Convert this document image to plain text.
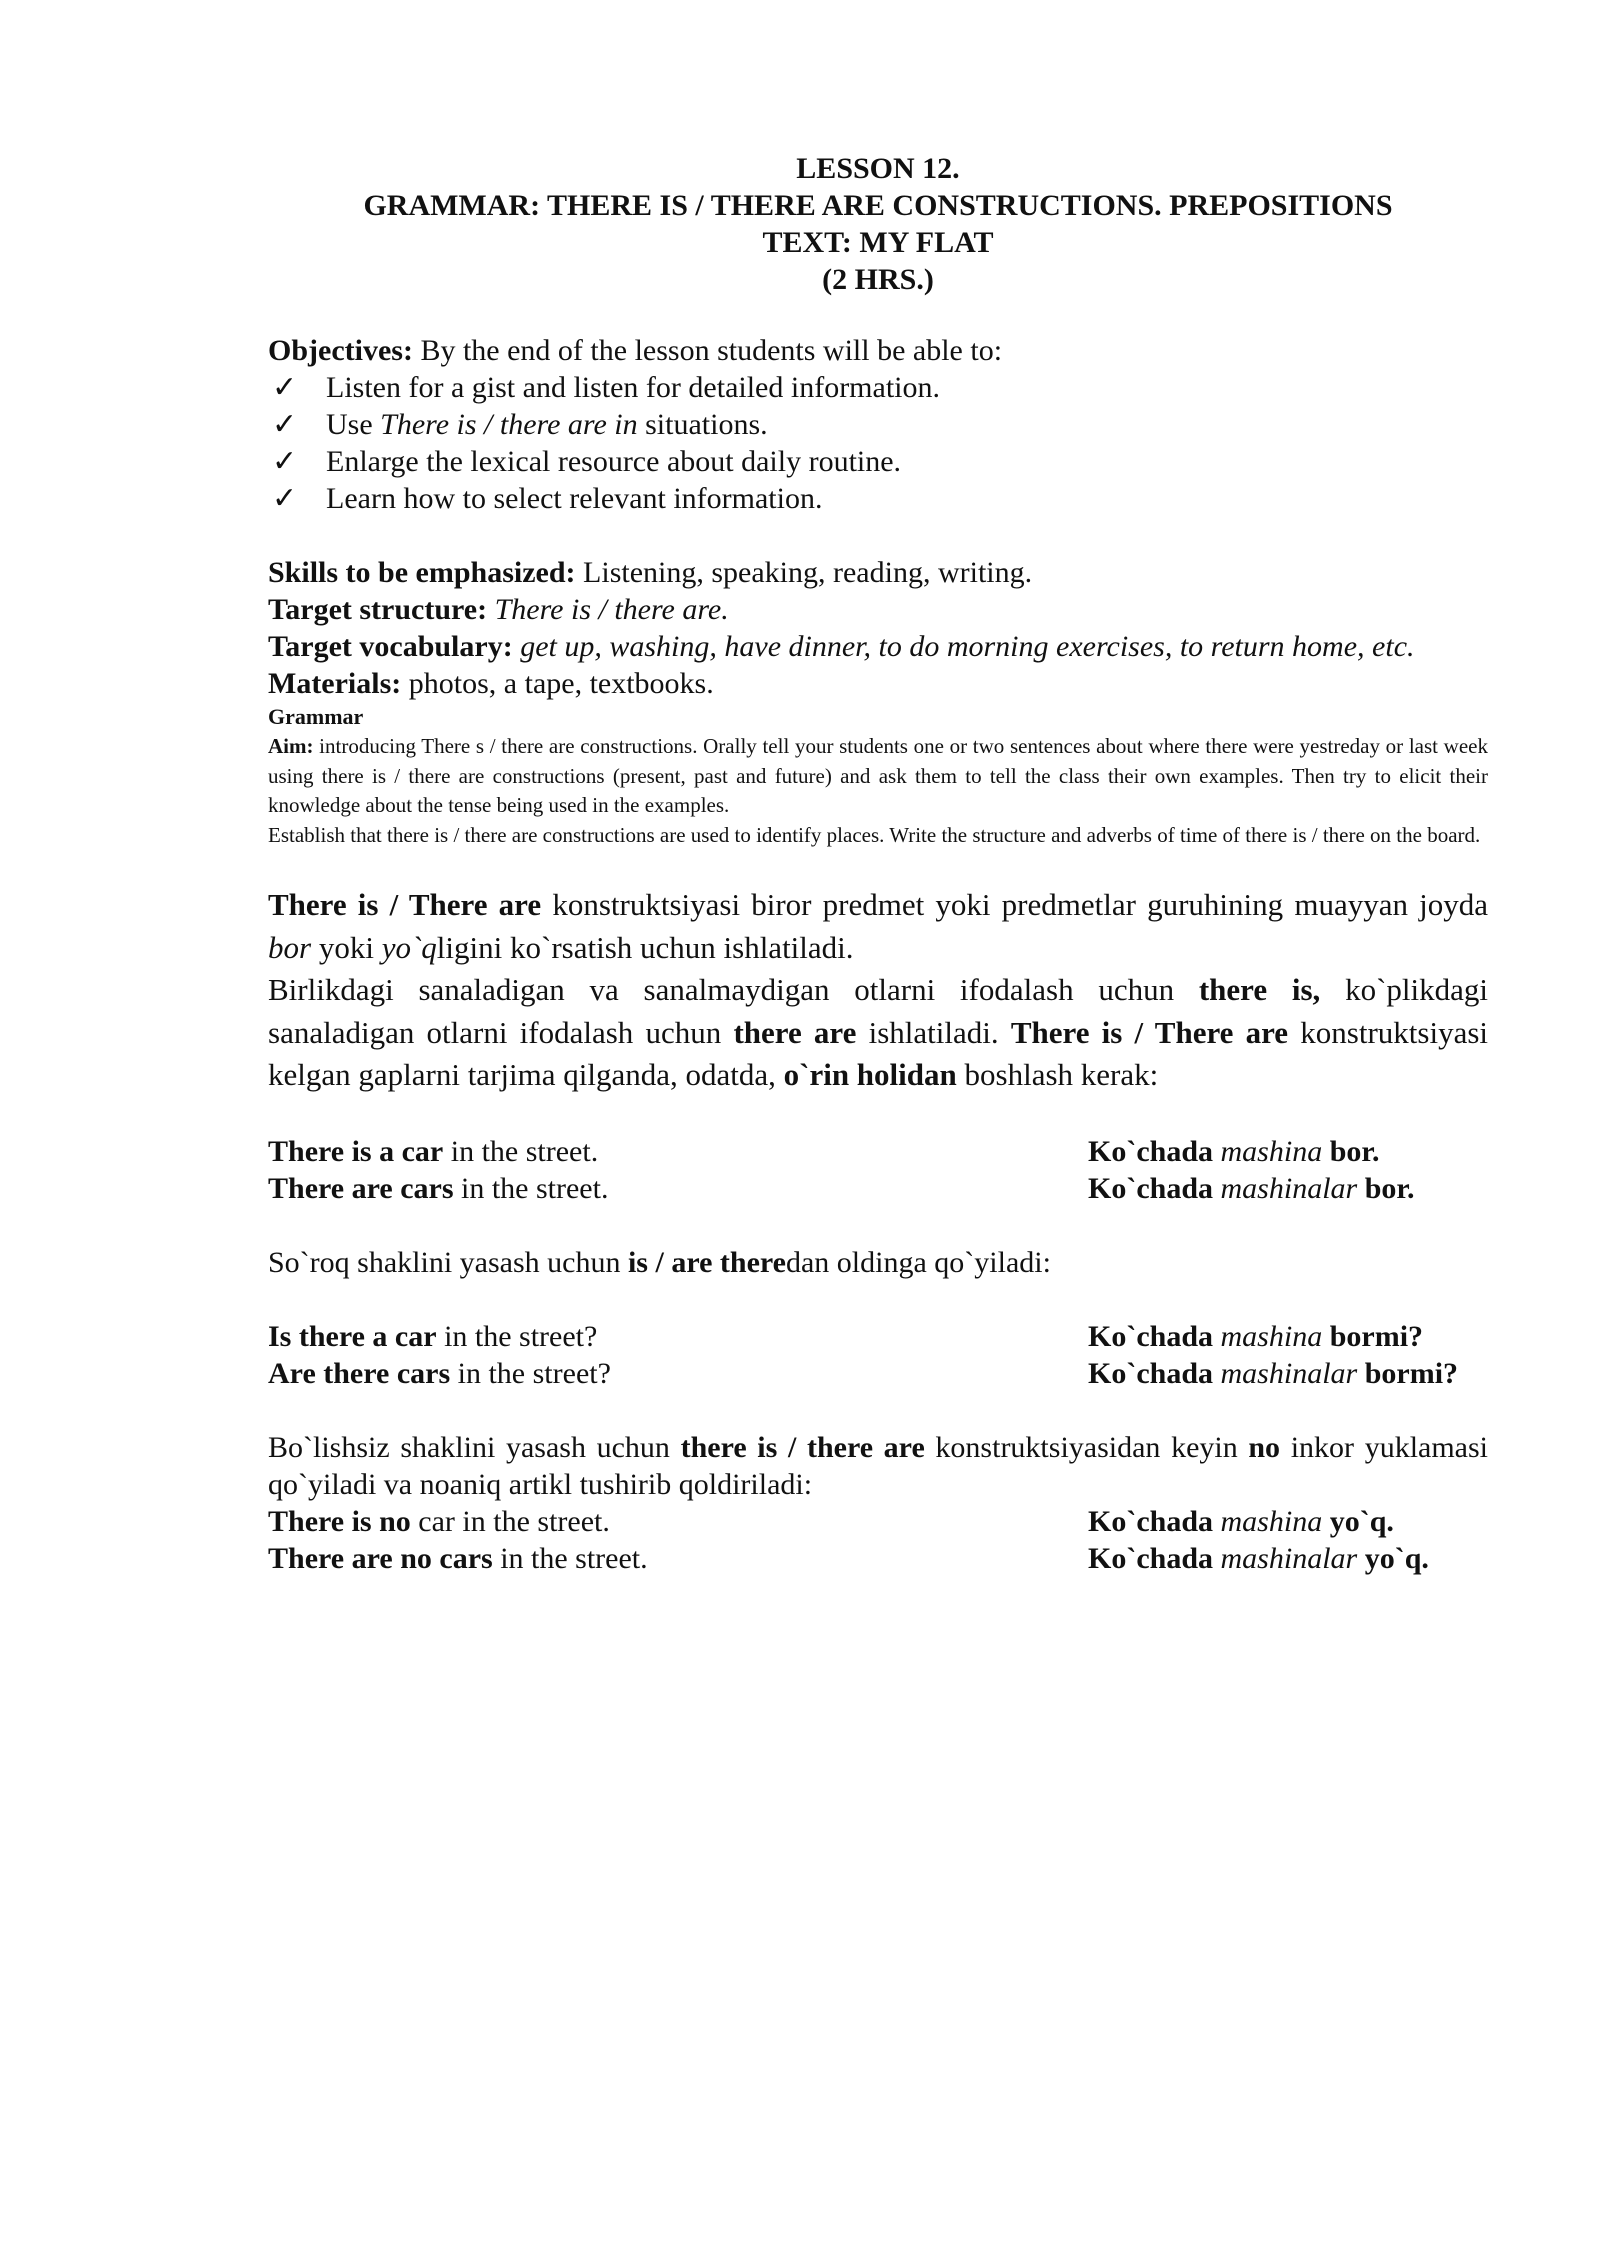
LESSON 12.
GRAMMAR: THERE IS / THERE ARE CONSTRUCTIONS. PREPOSITIONS
TEXT: MY FLAT
(2 HRS.)
Objectives: By the end of the lesson students will be able to:
✓ Listen for a gist and listen for detailed information.
✓ Use There is / there are in situations.
✓ Enlarge the lexical resource about daily routine.
✓ Learn how to select relevant information.
Skills to be emphasized: Listening, speaking, reading, writing.
Target structure: There is / there are.
Target vocabulary: get up, washing, have dinner, to do morning exercises, to return home, etc.
Materials: photos, a tape, textbooks.
Grammar
Aim: introducing There s / there are constructions. Orally tell your students one or two sentences about where there were yestreday or last week using there is / there are constructions (present, past and future) and ask them to tell the class their own examples. Then try to elicit their knowledge about the tense being used in the examples.
Establish that there is / there are constructions are used to identify places. Write the structure and adverbs of time of there is / there on the board.
There is / There are konstruktsiyasi biror predmet yoki predmetlar guruhining muayyan joyda bor yoki yo`qligini ko`rsatish uchun ishlatiladi.
Birlikdagi sanaladigan va sanalmaydigan otlarni ifodalash uchun there is, ko`plikdagi sanaladigan otlarni ifodalash uchun there are ishlatiladi. There is / There are konstruktsiyasi kelgan gaplarni tarjima qilganda, odatda, o`rin holidan boshlash kerak:
There is a car in the street.	Ko`chada mashina bor.
There are cars in the street.	Ko`chada mashinalar bor.
So`roq shaklini yasash uchun is / are theredan oldinga qo`yiladi:
Is there a car in the street?	Ko`chada mashina bormi?
Are there cars in the street?	Ko`chada mashinalar bormi?
Bo`lishsiz shaklini yasash uchun there is / there are konstruktsiyasidan keyin no inkor yuklamasi qo`yiladi va noaniq artikl tushirib qoldiriladi:
There is no car in the street.	Ko`chada mashina yo`q.
There are no cars in the street.	Ko`chada mashinalar yo`q.
